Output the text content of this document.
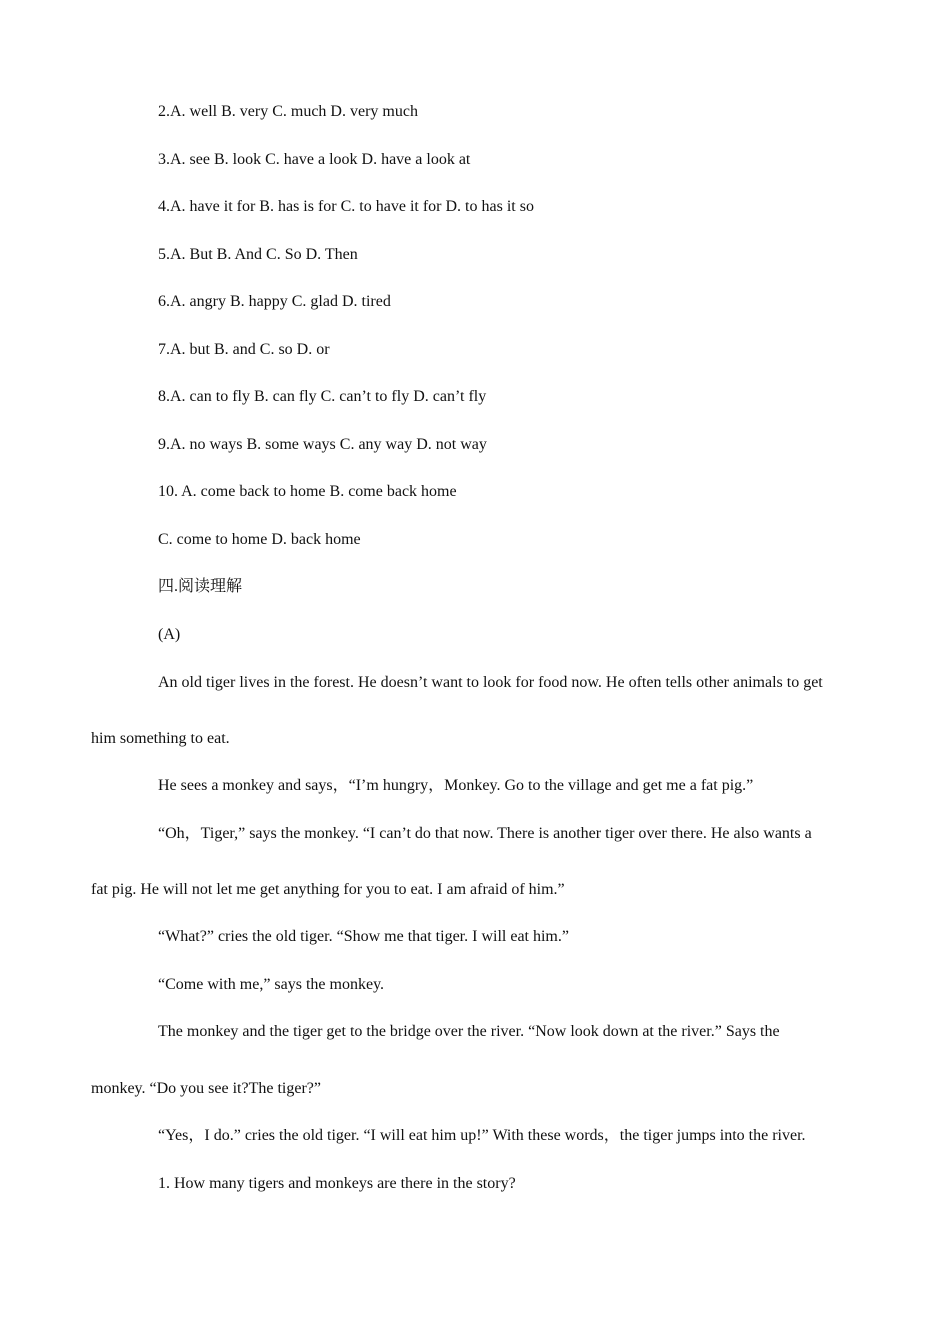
2.A. well B. very C. much D. very much
3.A. see B. look C. have a look D. have a look at
4.A. have it for B. has is for C. to have it for D. to has it so
5.A. But B. And C. So D. Then
6.A. angry B. happy C. glad D. tired
7.A. but B. and C. so D. or
8.A. can to fly B. can fly C. can’t to fly D. can’t fly
9.A. no ways B. some ways C. any way D. not way
10. A. come back to home B. come back home
C. come to home D. back home
四.阅读理解
(A)
An old tiger lives in the forest. He doesn’t want to look for food now. He often tells other animals to get
him something to eat.
He sees a monkey and says，“I’m hungry，Monkey. Go to the village and get me a fat pig.”
“Oh，Tiger,” says the monkey. “I can’t do that now. There is another tiger over there. He also wants a
fat pig. He will not let me get anything for you to eat. I am afraid of him.”
“What?” cries the old tiger. “Show me that tiger. I will eat him.”
“Come with me,” says the monkey.
The monkey and the tiger get to the bridge over the river. “Now look down at the river.” Says the
monkey. “Do you see it?The tiger?”
“Yes，I do.” cries the old tiger. “I will eat him up!” With these words，the tiger jumps into the river.
1. How many tigers and monkeys are there in the story?
